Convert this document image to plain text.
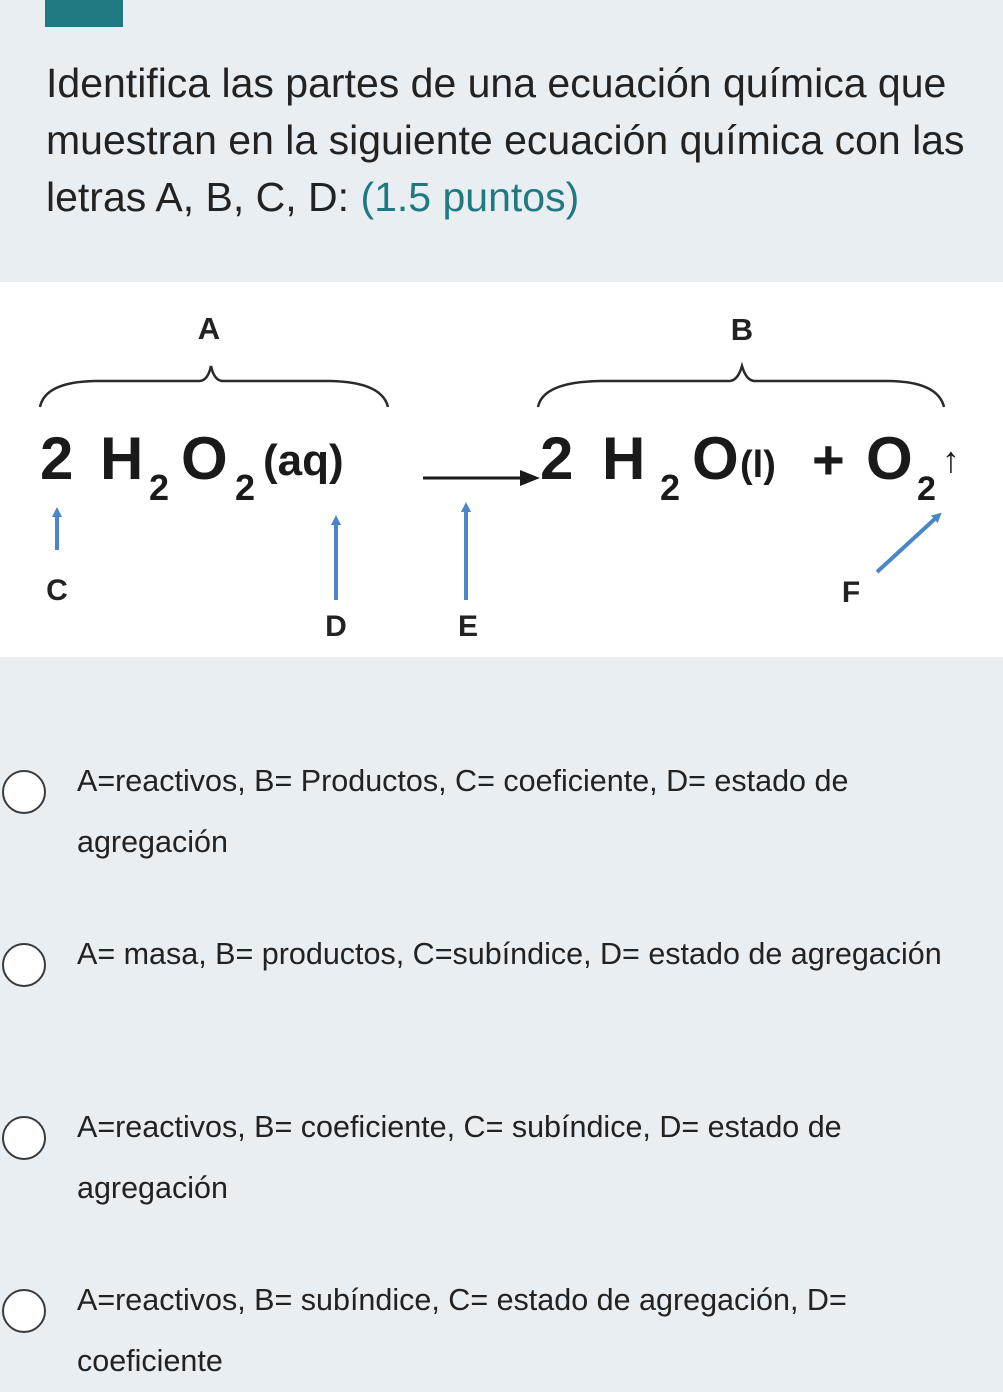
Identifica las partes de una ecuación química que muestran en la siguiente ecuación química con las letras A, B, C, D: (1.5 puntos)
A	B
2 H 2 O 2
(aq)	2 H 2 O (l) + O 2
↑
C
D	E
F
A=reactivos, B= Productos, C= coeficiente, D= estado de agregación
A= masa, B= productos, C=subíndice, D= estado de agregación
A=reactivos, B= coeficiente, C= subíndice, D= estado de agregación
A=reactivos, B= subíndice, C= estado de agregación, D= coeficiente
